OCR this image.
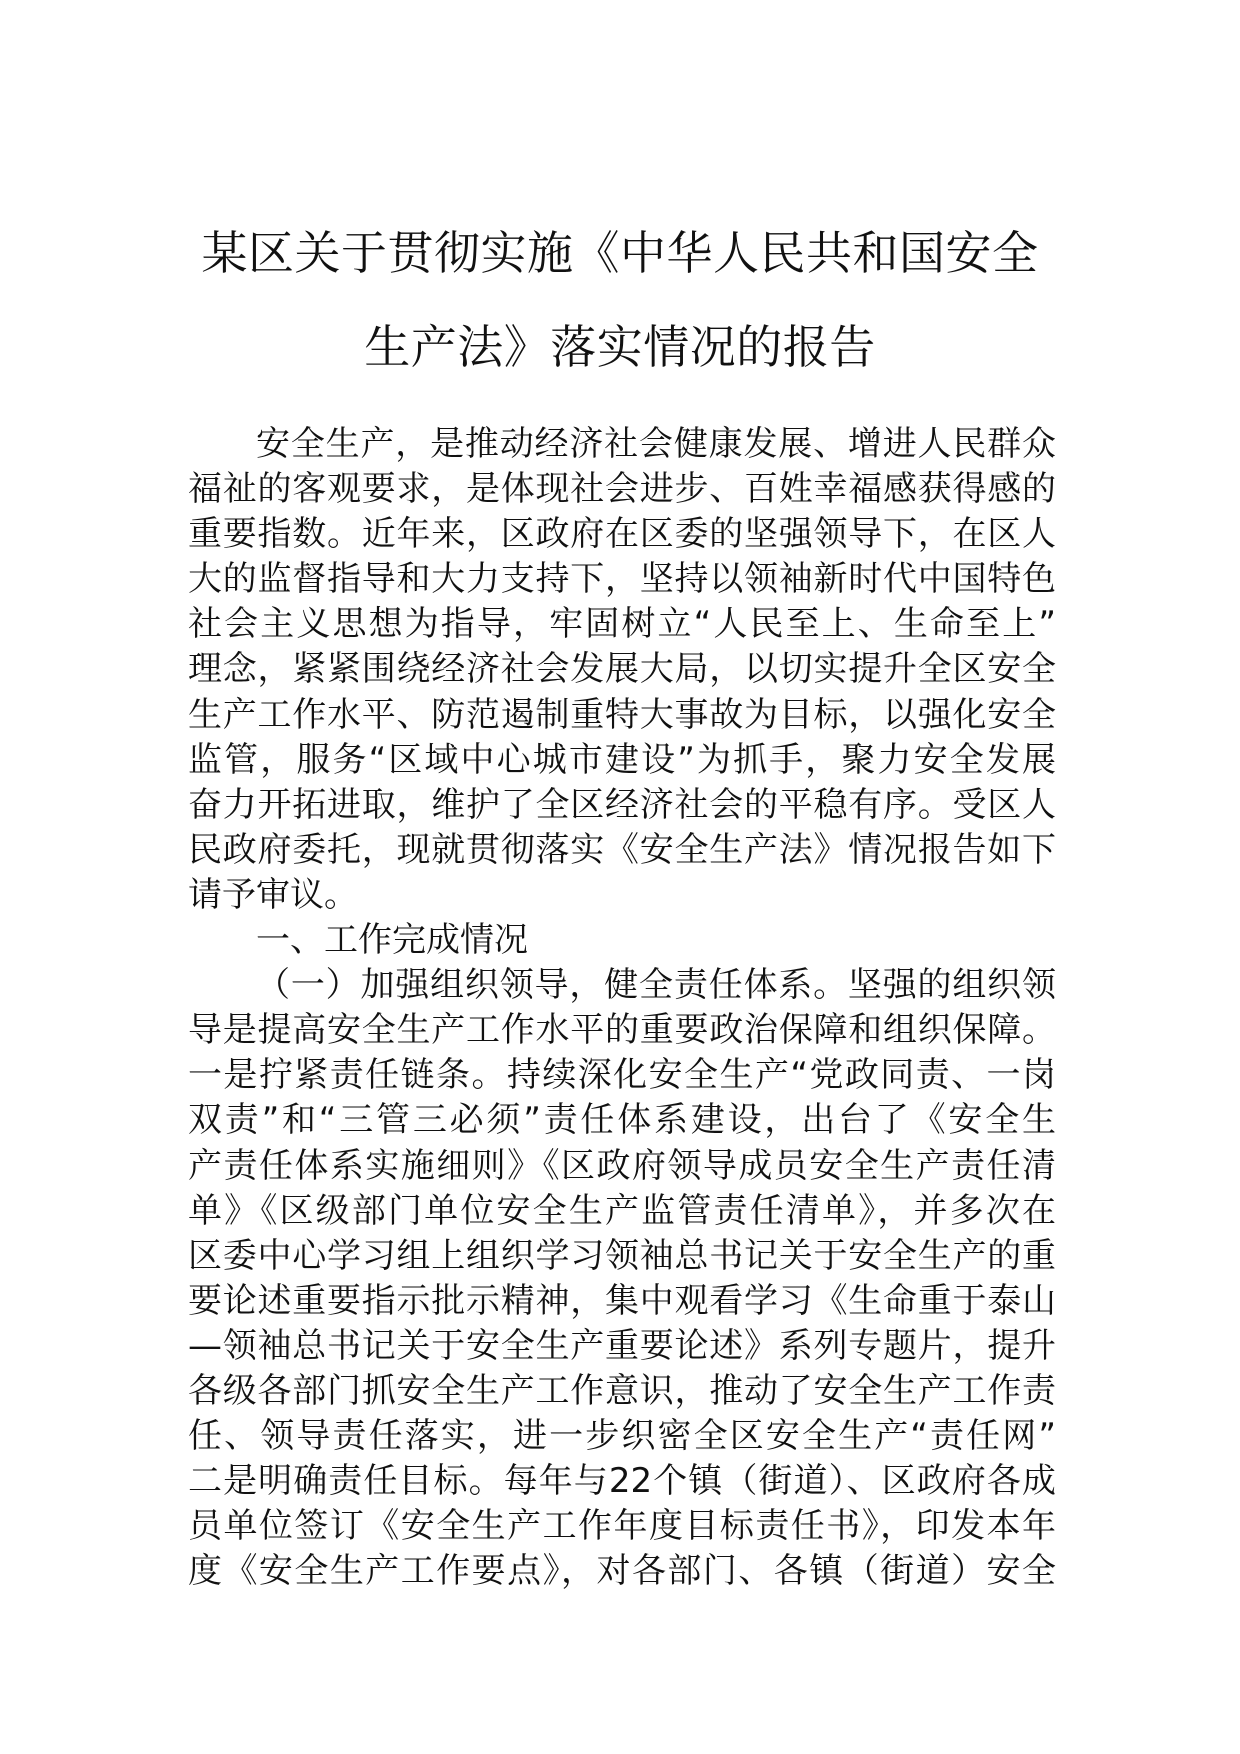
某区关于贯彻实施《中华人民共和国安全
生产法》落实情况的报告
安全生产，是推动经济社会健康发展、增进人民群众
福祉的客观要求，是体现社会进步、百姓幸福感获得感的
重要指数。近年来，区政府在区委的坚强领导下，在区人
大的监督指导和大力支持下，坚持以领袖新时代中国特色
社会主义思想为指导，牢固树立“人民至上、生命至上”
理念，紧紧围绕经济社会发展大局，以切实提升全区安全
生产工作水平、防范遏制重特大事故为目标，以强化安全
监管，服务“区域中心城市建设”为抓手，聚力安全发展
奋力开拓进取，维护了全区经济社会的平稳有序。受区人
民政府委托，现就贯彻落实《安全生产法》情况报告如下
请予审议。
一、工作完成情况
（一）加强组织领导，健全责任体系。坚强的组织领
导是提高安全生产工作水平的重要政治保障和组织保障。
一是拧紧责任链条。持续深化安全生产“党政同责、一岗
双责”和“三管三必须”责任体系建设，出台了《安全生
产责任体系实施细则》《区政府领导成员安全生产责任清
单》《区级部门单位安全生产监管责任清单》，并多次在
区委中心学习组上组织学习领袖总书记关于安全生产的重
要论述重要指示批示精神，集中观看学习《生命重于泰山
—领袖总书记关于安全生产重要论述》系列专题片，提升
各级各部门抓安全生产工作意识，推动了安全生产工作责
任、领导责任落实，进一步织密全区安全生产“责任网”
二是明确责任目标。每年与22个镇（街道）、区政府各成
员单位签订《安全生产工作年度目标责任书》，印发本年
度《安全生产工作要点》，对各部门、各镇（街道）安全
